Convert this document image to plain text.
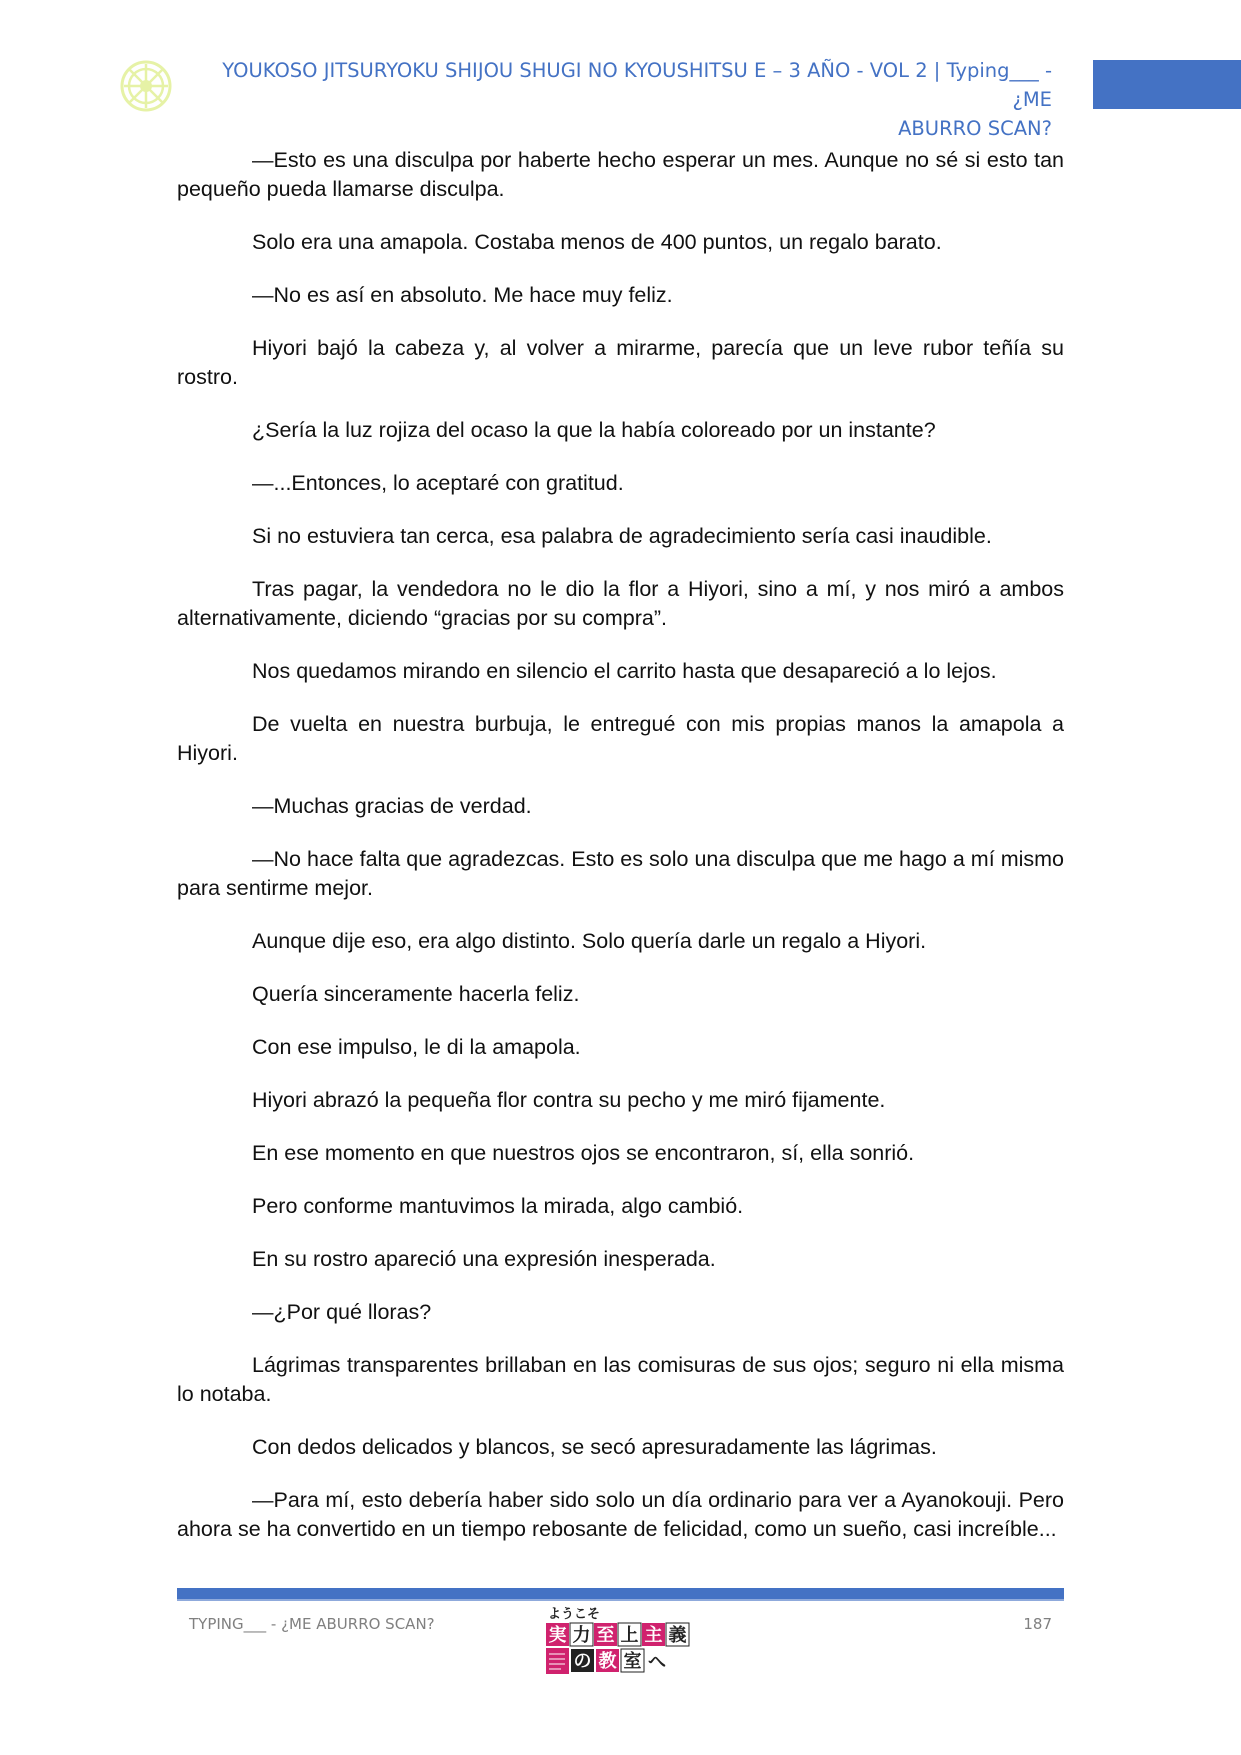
YOUKOSO JITSURYOKU SHIJOU SHUGI NO KYOUSHITSU E – 3 AÑO - VOL 2 | Typing___ - ¿ME
ABURRO SCAN?

—Esto es una disculpa por haberte hecho esperar un mes. Aunque no sé si esto tan pequeño pueda llamarse disculpa.

Solo era una amapola. Costaba menos de 400 puntos, un regalo barato.

—No es así en absoluto. Me hace muy feliz.

Hiyori bajó la cabeza y, al volver a mirarme, parecía que un leve rubor teñía su rostro.

¿Sería la luz rojiza del ocaso la que la había coloreado por un instante?

—...Entonces, lo aceptaré con gratitud.

Si no estuviera tan cerca, esa palabra de agradecimiento sería casi inaudible.

Tras pagar, la vendedora no le dio la flor a Hiyori, sino a mí, y nos miró a ambos alternativamente, diciendo “gracias por su compra”.

Nos quedamos mirando en silencio el carrito hasta que desapareció a lo lejos.

De vuelta en nuestra burbuja, le entregué con mis propias manos la amapola a Hiyori.

—Muchas gracias de verdad.

—No hace falta que agradezcas. Esto es solo una disculpa que me hago a mí mismo para sentirme mejor.

Aunque dije eso, era algo distinto. Solo quería darle un regalo a Hiyori.

Quería sinceramente hacerla feliz.

Con ese impulso, le di la amapola.

Hiyori abrazó la pequeña flor contra su pecho y me miró fijamente.

En ese momento en que nuestros ojos se encontraron, sí, ella sonrió.

Pero conforme mantuvimos la mirada, algo cambió.

En su rostro apareció una expresión inesperada.

—¿Por qué lloras?

Lágrimas transparentes brillaban en las comisuras de sus ojos; seguro ni ella misma lo notaba.

Con dedos delicados y blancos, se secó apresuradamente las lágrimas.

—Para mí, esto debería haber sido solo un día ordinario para ver a Ayanokouji. Pero ahora se ha convertido en un tiempo rebosante de felicidad, como un sueño, casi increíble...

TYPING___ - ¿ME ABURRO SCAN?	187
ようこそ
実 力 至 上 主 義
の 教 室 へ
